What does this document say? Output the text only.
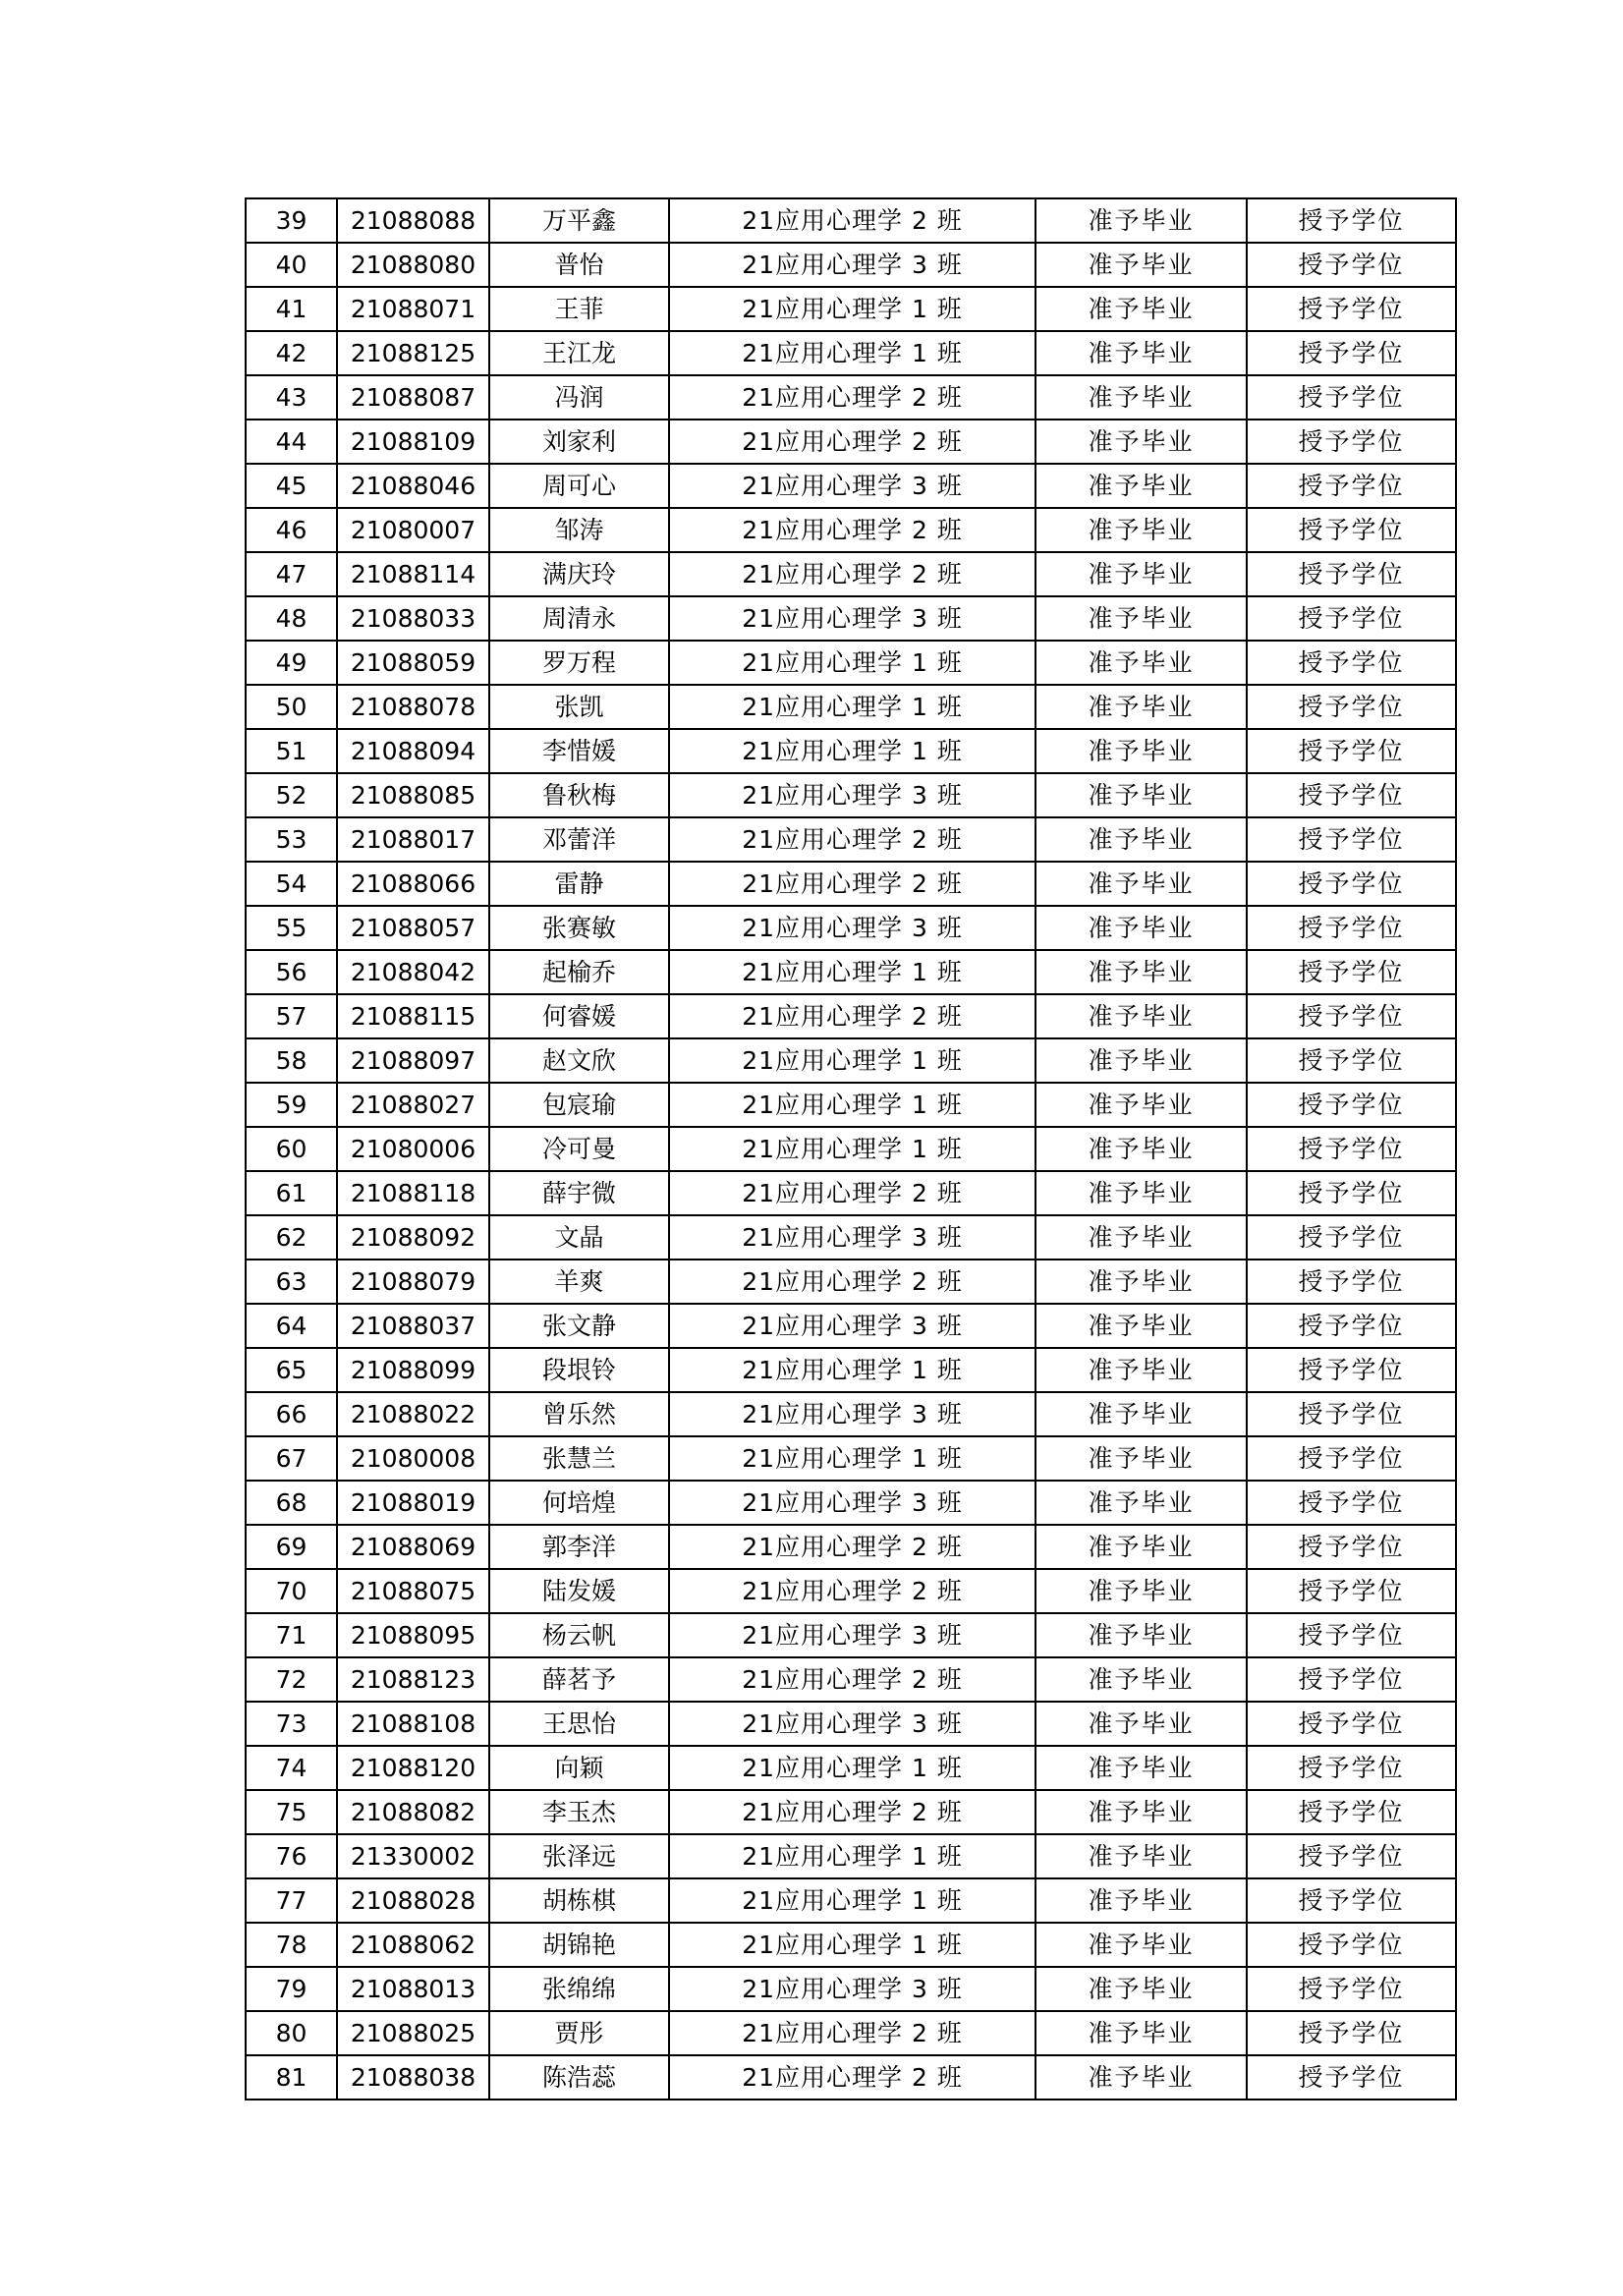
39	21088088	万平鑫	21应用心理学 2 班	准予毕业	授予学位
40	21088080	普怡	21应用心理学 3 班	准予毕业	授予学位
41	21088071	王菲	21应用心理学 1 班	准予毕业	授予学位
42	21088125	王江龙	21应用心理学 1 班	准予毕业	授予学位
43	21088087	冯润	21应用心理学 2 班	准予毕业	授予学位
44	21088109	刘家利	21应用心理学 2 班	准予毕业	授予学位
45	21088046	周可心	21应用心理学 3 班	准予毕业	授予学位
46	21080007	邹涛	21应用心理学 2 班	准予毕业	授予学位
47	21088114	满庆玲	21应用心理学 2 班	准予毕业	授予学位
48	21088033	周清永	21应用心理学 3 班	准予毕业	授予学位
49	21088059	罗万程	21应用心理学 1 班	准予毕业	授予学位
50	21088078	张凯	21应用心理学 1 班	准予毕业	授予学位
51	21088094	李惜媛	21应用心理学 1 班	准予毕业	授予学位
52	21088085	鲁秋梅	21应用心理学 3 班	准予毕业	授予学位
53	21088017	邓蕾洋	21应用心理学 2 班	准予毕业	授予学位
54	21088066	雷静	21应用心理学 2 班	准予毕业	授予学位
55	21088057	张赛敏	21应用心理学 3 班	准予毕业	授予学位
56	21088042	起榆乔	21应用心理学 1 班	准予毕业	授予学位
57	21088115	何睿媛	21应用心理学 2 班	准予毕业	授予学位
58	21088097	赵文欣	21应用心理学 1 班	准予毕业	授予学位
59	21088027	包宸瑜	21应用心理学 1 班	准予毕业	授予学位
60	21080006	冷可曼	21应用心理学 1 班	准予毕业	授予学位
61	21088118	薛宇微	21应用心理学 2 班	准予毕业	授予学位
62	21088092	文晶	21应用心理学 3 班	准予毕业	授予学位
63	21088079	羊爽	21应用心理学 2 班	准予毕业	授予学位
64	21088037	张文静	21应用心理学 3 班	准予毕业	授予学位
65	21088099	段垠铃	21应用心理学 1 班	准予毕业	授予学位
66	21088022	曾乐然	21应用心理学 3 班	准予毕业	授予学位
67	21080008	张慧兰	21应用心理学 1 班	准予毕业	授予学位
68	21088019	何培煌	21应用心理学 3 班	准予毕业	授予学位
69	21088069	郭李洋	21应用心理学 2 班	准予毕业	授予学位
70	21088075	陆发媛	21应用心理学 2 班	准予毕业	授予学位
71	21088095	杨云帆	21应用心理学 3 班	准予毕业	授予学位
72	21088123	薛茗予	21应用心理学 2 班	准予毕业	授予学位
73	21088108	王思怡	21应用心理学 3 班	准予毕业	授予学位
74	21088120	向颖	21应用心理学 1 班	准予毕业	授予学位
75	21088082	李玉杰	21应用心理学 2 班	准予毕业	授予学位
76	21330002	张泽远	21应用心理学 1 班	准予毕业	授予学位
77	21088028	胡栋棋	21应用心理学 1 班	准予毕业	授予学位
78	21088062	胡锦艳	21应用心理学 1 班	准予毕业	授予学位
79	21088013	张绵绵	21应用心理学 3 班	准予毕业	授予学位
80	21088025	贾彤	21应用心理学 2 班	准予毕业	授予学位
81	21088038	陈浩蕊	21应用心理学 2 班	准予毕业	授予学位
